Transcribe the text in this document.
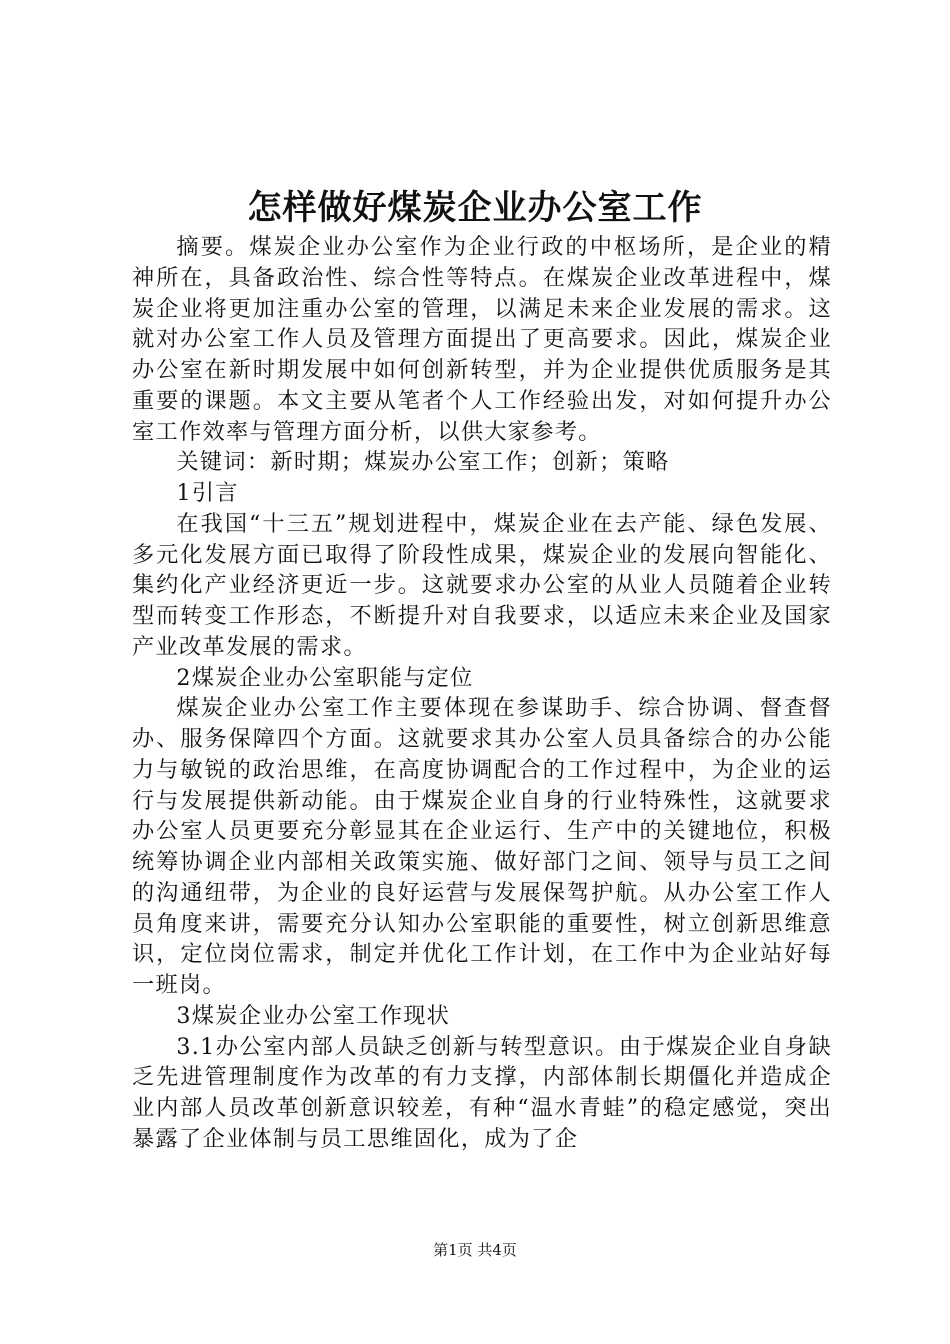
怎样做好煤炭企业办公室工作

摘要。煤炭企业办公室作为企业行政的中枢场所，是企业的精神所在，具备政治性、综合性等特点。在煤炭企业改革进程中，煤炭企业将更加注重办公室的管理，以满足未来企业发展的需求。这就对办公室工作人员及管理方面提出了更高要求。因此，煤炭企业办公室在新时期发展中如何创新转型，并为企业提供优质服务是其重要的课题。本文主要从笔者个人工作经验出发，对如何提升办公室工作效率与管理方面分析，以供大家参考。

关键词：新时期；煤炭办公室工作；创新；策略

1引言

在我国“十三五”规划进程中，煤炭企业在去产能、绿色发展、多元化发展方面已取得了阶段性成果，煤炭企业的发展向智能化、集约化产业经济更近一步。这就要求办公室的从业人员随着企业转型而转变工作形态，不断提升对自我要求，以适应未来企业及国家产业改革发展的需求。

2煤炭企业办公室职能与定位

煤炭企业办公室工作主要体现在参谋助手、综合协调、督查督办、服务保障四个方面。这就要求其办公室人员具备综合的办公能力与敏锐的政治思维，在高度协调配合的工作过程中，为企业的运行与发展提供新动能。由于煤炭企业自身的行业特殊性，这就要求办公室人员更要充分彰显其在企业运行、生产中的关键地位，积极统筹协调企业内部相关政策实施、做好部门之间、领导与员工之间的沟通纽带，为企业的良好运营与发展保驾护航。从办公室工作人员角度来讲，需要充分认知办公室职能的重要性，树立创新思维意识，定位岗位需求，制定并优化工作计划，在工作中为企业站好每一班岗。

3煤炭企业办公室工作现状

3.1办公室内部人员缺乏创新与转型意识。由于煤炭企业自身缺乏先进管理制度作为改革的有力支撑，内部体制长期僵化并造成企业内部人员改革创新意识较差，有种“温水青蛙”的稳定感觉，突出暴露了企业体制与员工思维固化，成为了企

第1页 共4页
